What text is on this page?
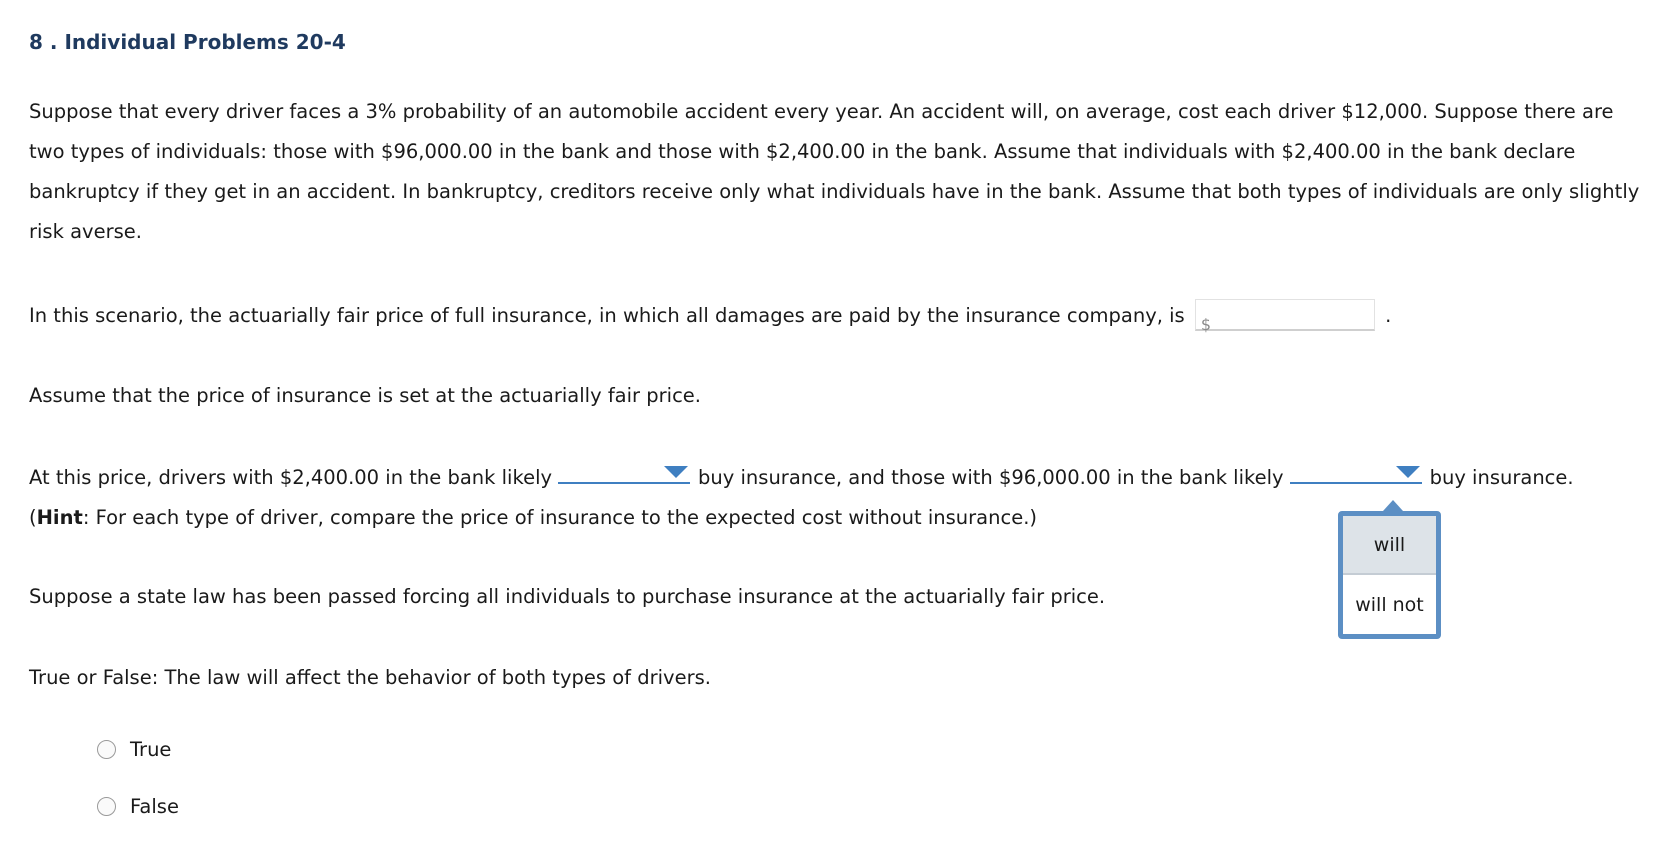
8 . Individual Problems 20-4
Suppose that every driver faces a 3% probability of an automobile accident every year. An accident will, on average, cost each driver $12,000. Suppose there are two types of individuals: those with $96,000.00 in the bank and those with $2,400.00 in the bank. Assume that individuals with $2,400.00 in the bank declare bankruptcy if they get in an accident. In bankruptcy, creditors receive only what individuals have in the bank. Assume that both types of individuals are only slightly risk averse.
In this scenario, the actuarially fair price of full insurance, in which all damages are paid by the insurance company, is $	.
Assume that the price of insurance is set at the actuarially fair price.
At this price, drivers with $2,400.00 in the bank likely	buy insurance, and those with $96,000.00 in the bank likely	buy insurance. (Hint: For each type of driver, compare the price of insurance to the expected cost without insurance.)
Suppose a state law has been passed forcing all individuals to purchase insurance at the actuarially fair price.
True or False: The law will affect the behavior of both types of drivers.
True
False
will
will not
